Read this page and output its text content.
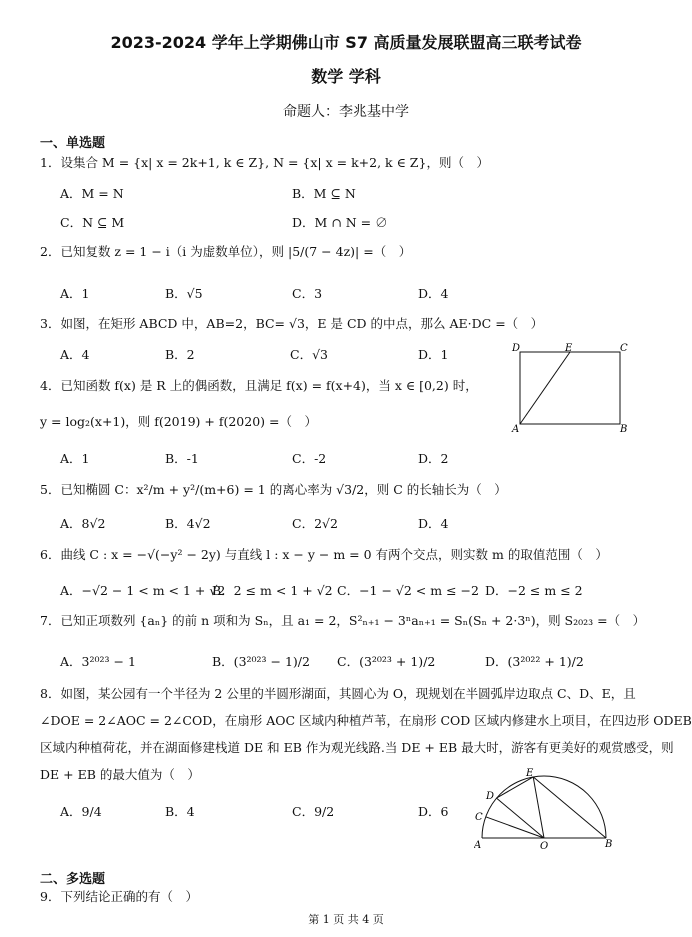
2023-2024 学年上学期佛山市 S7 高质量发展联盟高三联考试卷
数学 学科
命题人：李兆基中学
一、单选题
1．设集合 M = {x| x = 2k+1, k ∈ Z}, N = {x| x = k+2, k ∈ Z}，则（　）
A．M = N	B．M ⊆ N
C．N ⊆ M	D．M ∩ N = ∅
2．已知复数 z = 1 − i（i 为虚数单位），则 |5/(7 − 4z)| =（　）
A．1	B．√5	C．3	D．4
3．如图，在矩形 ABCD 中，AB=2，BC= √3，E 是 CD 的中点，那么 AE·DC =（　）
A．4	B．2	C．√3	D．1	D	E	C
A	B
4．已知函数 f(x) 是 R 上的偶函数，且满足 f(x) = f(x+4)，当 x ∈ [0,2) 时，
y = log₂(x+1)，则 f(2019) + f(2020) =（　）
A．1	B．-1	C．-2	D．2
5．已知椭圆 C：x²/m + y²/(m+6) = 1 的离心率为 √3/2，则 C 的长轴长为（　）
A．8√2	B．4√2	C．2√2	D．4
6．曲线 C : x = −√(−y² − 2y) 与直线 l : x − y − m = 0 有两个交点，则实数 m 的取值范围（　）
A．−√2 − 1 < m < 1 + √2
B．2 ≤ m < 1 + √2 C．−1 − √2 < m ≤ −2 D．−2 ≤ m ≤ 2
7．已知正项数列 {aₙ} 的前 n 项和为 Sₙ，且 a₁ = 2，S²ₙ₊₁ − 3ⁿaₙ₊₁ = Sₙ(Sₙ + 2·3ⁿ)，则 S₂₀₂₃ =（　）
A．3²⁰²³ − 1	B．(3²⁰²³ − 1)/2 C．(3²⁰²³ + 1)/2	D．(3²⁰²² + 1)/2
8．如图，某公园有一个半径为 2 公里的半圆形湖面，其圆心为 O，现规划在半圆弧岸边取点 C、D、E，且
∠DOE = 2∠AOC = 2∠COD，在扇形 AOC 区域内种植芦苇，在扇形 COD 区域内修建水上项目，在四边形 ODEB
区域内种植荷花，并在湖面修建栈道 DE 和 EB 作为观光线路.当 DE + EB 最大时，游客有更美好的观赏感受，则
DE + EB 的最大值为（　）
A．9/4	B．4	C．9/2	D．6
A
C
D
E
O	B
二、多选题
9．下列结论正确的有（　）
第 1 页 共 4 页
